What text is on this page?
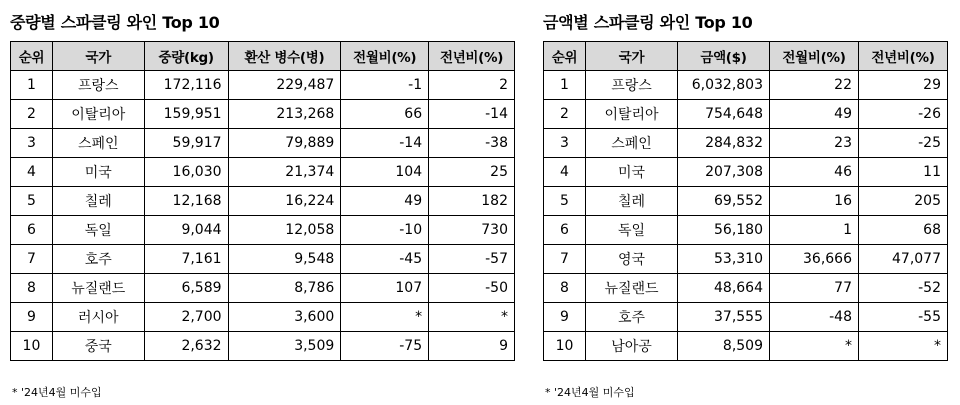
중량별 스파클링 와인 Top 10
순위	국가	중량(kg)	환산 병수(병)	전월비(%)	전년비(%)
1	프랑스	172,116	229,487	-1	2
2	이탈리아	159,951	213,268	66	-14
3	스페인	59,917	79,889	-14	-38
4	미국	16,030	21,374	104	25
5	칠레	12,168	16,224	49	182
6	독일	9,044	12,058	-10	730
7	호주	7,161	9,548	-45	-57
8	뉴질랜드	6,589	8,786	107	-50
9	러시아	2,700	3,600	*	*
10	중국	2,632	3,509	-75	9
* '24년4월 미수입
금액별 스파클링 와인 Top 10
순위	국가	금액($)	전월비(%)	전년비(%)
1	프랑스	6,032,803	22	29
2	이탈리아	754,648	49	-26
3	스페인	284,832	23	-25
4	미국	207,308	46	11
5	칠레	69,552	16	205
6	독일	56,180	1	68
7	영국	53,310	36,666	47,077
8	뉴질랜드	48,664	77	-52
9	호주	37,555	-48	-55
10	남아공	8,509	*	*
* '24년4월 미수입
